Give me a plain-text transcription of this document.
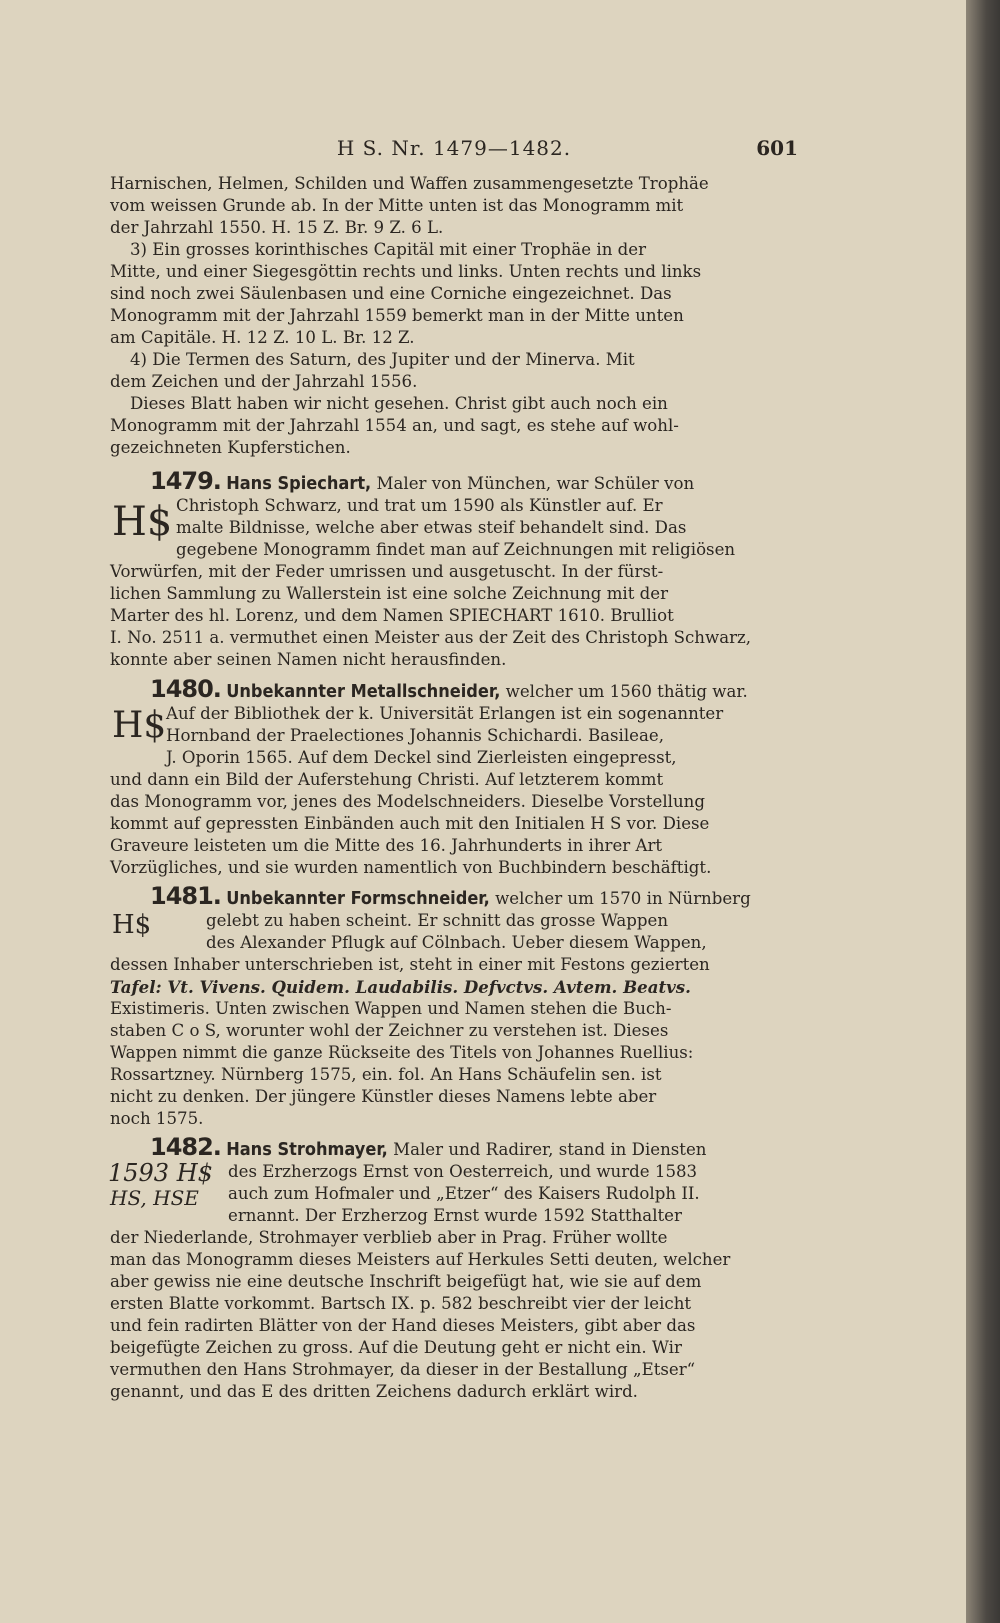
H S. Nr. 1479—1482.	601
Harnischen, Helmen, Schilden und Waffen zusammengesetzte Trophäe
vom weissen Grunde ab. In der Mitte unten ist das Monogramm mit
der Jahrzahl 1550. H. 15 Z. Br. 9 Z. 6 L.
3) Ein grosses korinthisches Capitäl mit einer Trophäe in der
Mitte, und einer Siegesgöttin rechts und links. Unten rechts und links
sind noch zwei Säulenbasen und eine Corniche eingezeichnet. Das
Monogramm mit der Jahrzahl 1559 bemerkt man in der Mitte unten
am Capitäle. H. 12 Z. 10 L. Br. 12 Z.
4) Die Termen des Saturn, des Jupiter und der Minerva. Mit
dem Zeichen und der Jahrzahl 1556.
Dieses Blatt haben wir nicht gesehen. Christ gibt auch noch ein
Monogramm mit der Jahrzahl 1554 an, und sagt, es stehe auf wohl-
gezeichneten Kupferstichen.
1479. Hans Spiechart, Maler von München, war Schüler von
Christoph Schwarz, und trat um 1590 als Künstler auf. Er
malte Bildnisse, welche aber etwas steif behandelt sind. Das
gegebene Monogramm findet man auf Zeichnungen mit religiösen
Vorwürfen, mit der Feder umrissen und ausgetuscht. In der fürst-
lichen Sammlung zu Wallerstein ist eine solche Zeichnung mit der
Marter des hl. Lorenz, und dem Namen SPIECHART 1610. Brulliot
I. No. 2511 a. vermuthet einen Meister aus der Zeit des Christoph Schwarz,
konnte aber seinen Namen nicht herausfinden.
H$
1480. Unbekannter Metallschneider, welcher um 1560 thätig war.
Auf der Bibliothek der k. Universität Erlangen ist ein sogenannter
Hornband der Praelectiones Johannis Schichardi. Basileae,
J. Oporin 1565. Auf dem Deckel sind Zierleisten eingepresst,
und dann ein Bild der Auferstehung Christi. Auf letzterem kommt
das Monogramm vor, jenes des Modelschneiders. Dieselbe Vorstellung
kommt auf gepressten Einbänden auch mit den Initialen H S vor. Diese
Graveure leisteten um die Mitte des 16. Jahrhunderts in ihrer Art
Vorzügliches, und sie wurden namentlich von Buchbindern beschäftigt.
H$
1481. Unbekannter Formschneider, welcher um 1570 in Nürnberg
gelebt zu haben scheint. Er schnitt das grosse Wappen
des Alexander Pflugk auf Cölnbach. Ueber diesem Wappen,
dessen Inhaber unterschrieben ist, steht in einer mit Festons gezierten
Tafel: Vt. Vivens. Quidem. Laudabilis. Defvctvs. Avtem. Beatvs.
Existimeris. Unten zwischen Wappen und Namen stehen die Buch-
staben C o S, worunter wohl der Zeichner zu verstehen ist. Dieses
Wappen nimmt die ganze Rückseite des Titels von Johannes Ruellius:
Rossartzney. Nürnberg 1575, ein. fol. An Hans Schäufelin sen. ist
nicht zu denken. Der jüngere Künstler dieses Namens lebte aber
noch 1575.
H$
1482. Hans Strohmayer, Maler und Radirer, stand in Diensten
des Erzherzogs Ernst von Oesterreich, und wurde 1583
auch zum Hofmaler und „Etzer“ des Kaisers Rudolph II.
ernannt. Der Erzherzog Ernst wurde 1592 Statthalter
der Niederlande, Strohmayer verblieb aber in Prag. Früher wollte
man das Monogramm dieses Meisters auf Herkules Setti deuten, welcher
aber gewiss nie eine deutsche Inschrift beigefügt hat, wie sie auf dem
ersten Blatte vorkommt. Bartsch IX. p. 582 beschreibt vier der leicht
und fein radirten Blätter von der Hand dieses Meisters, gibt aber das
beigefügte Zeichen zu gross. Auf die Deutung geht er nicht ein. Wir
vermuthen den Hans Strohmayer, da dieser in der Bestallung „Etser“
genannt, und das E des dritten Zeichens dadurch erklärt wird.
1593 H$
HS, HSE
